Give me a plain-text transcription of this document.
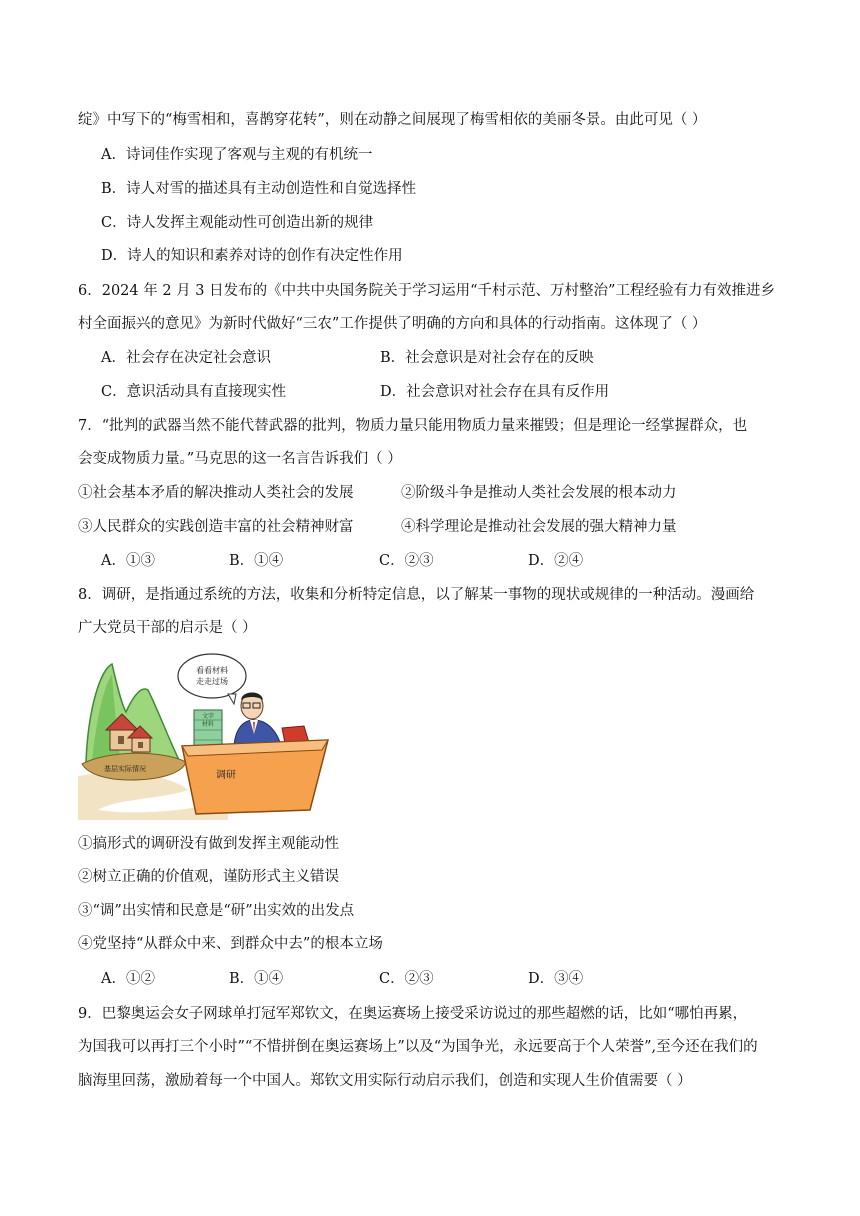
绽》中写下的“梅雪相和，喜鹊穿花转”，则在动静之间展现了梅雪相依的美丽冬景。由此可见（ ）
A．诗词佳作实现了客观与主观的有机统一
B．诗人对雪的描述具有主动创造性和自觉选择性
C．诗人发挥主观能动性可创造出新的规律
D．诗人的知识和素养对诗的创作有决定性作用
6．2024 年 2 月 3 日发布的《中共中央国务院关于学习运用“千村示范、万村整治”工程经验有力有效推进乡
村全面振兴的意见》为新时代做好“三农”工作提供了明确的方向和具体的行动指南。这体现了（ ）
A．社会存在决定社会意识	B．社会意识是对社会存在的反映
C．意识活动具有直接现实性	D．社会意识对社会存在具有反作用
7．“批判的武器当然不能代替武器的批判，物质力量只能用物质力量来摧毁；但是理论一经掌握群众，也
会变成物质力量。”马克思的这一名言告诉我们（ ）
①社会基本矛盾的解决推动人类社会的发展	②阶级斗争是推动人类社会发展的根本动力
③人民群众的实践创造丰富的社会精神财富	④科学理论是推动社会发展的强大精神力量
A．①③	B．①④	C．②③	D．②④
8．调研，是指通过系统的方法，收集和分析特定信息，以了解某一事物的现状或规律的一种活动。漫画给
广大党员干部的启示是（ ）
基层实际情况
看看材料
走走过场
文字
材料
调研
①搞形式的调研没有做到发挥主观能动性
②树立正确的价值观，谨防形式主义错误
③“调”出实情和民意是“研”出实效的出发点
④党坚持“从群众中来、到群众中去”的根本立场
A．①②	B．①④	C．②③	D．③④
9．巴黎奥运会女子网球单打冠军郑钦文，在奥运赛场上接受采访说过的那些超燃的话，比如“哪怕再累，
为国我可以再打三个小时”“不惜拼倒在奥运赛场上”以及“为国争光，永远要高于个人荣誉”,至今还在我们的
脑海里回荡，激励着每一个中国人。郑钦文用实际行动启示我们，创造和实现人生价值需要（ ）
